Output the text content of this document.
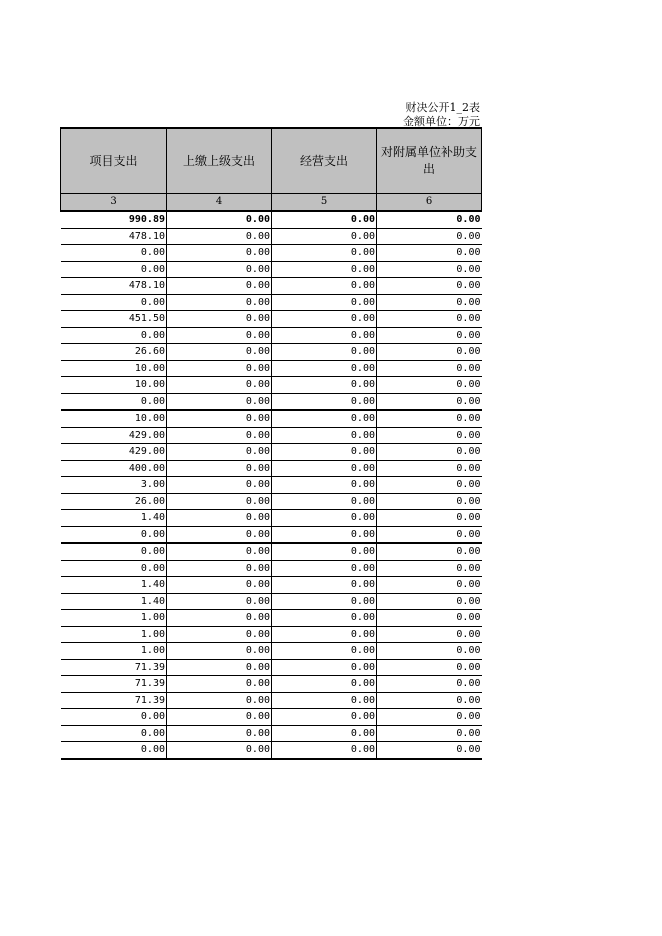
财决公开1_2表
金额单位：万元
项目支出	上缴上级支出	经营支出	对附属单位补助支出
3	4	5	6
990.89	0.00	0.00	0.00
478.10	0.00	0.00	0.00
0.00	0.00	0.00	0.00
0.00	0.00	0.00	0.00
478.10	0.00	0.00	0.00
0.00	0.00	0.00	0.00
451.50	0.00	0.00	0.00
0.00	0.00	0.00	0.00
26.60	0.00	0.00	0.00
10.00	0.00	0.00	0.00
10.00	0.00	0.00	0.00
0.00	0.00	0.00	0.00
10.00	0.00	0.00	0.00
429.00	0.00	0.00	0.00
429.00	0.00	0.00	0.00
400.00	0.00	0.00	0.00
3.00	0.00	0.00	0.00
26.00	0.00	0.00	0.00
1.40	0.00	0.00	0.00
0.00	0.00	0.00	0.00
0.00	0.00	0.00	0.00
0.00	0.00	0.00	0.00
1.40	0.00	0.00	0.00
1.40	0.00	0.00	0.00
1.00	0.00	0.00	0.00
1.00	0.00	0.00	0.00
1.00	0.00	0.00	0.00
71.39	0.00	0.00	0.00
71.39	0.00	0.00	0.00
71.39	0.00	0.00	0.00
0.00	0.00	0.00	0.00
0.00	0.00	0.00	0.00
0.00	0.00	0.00	0.00
